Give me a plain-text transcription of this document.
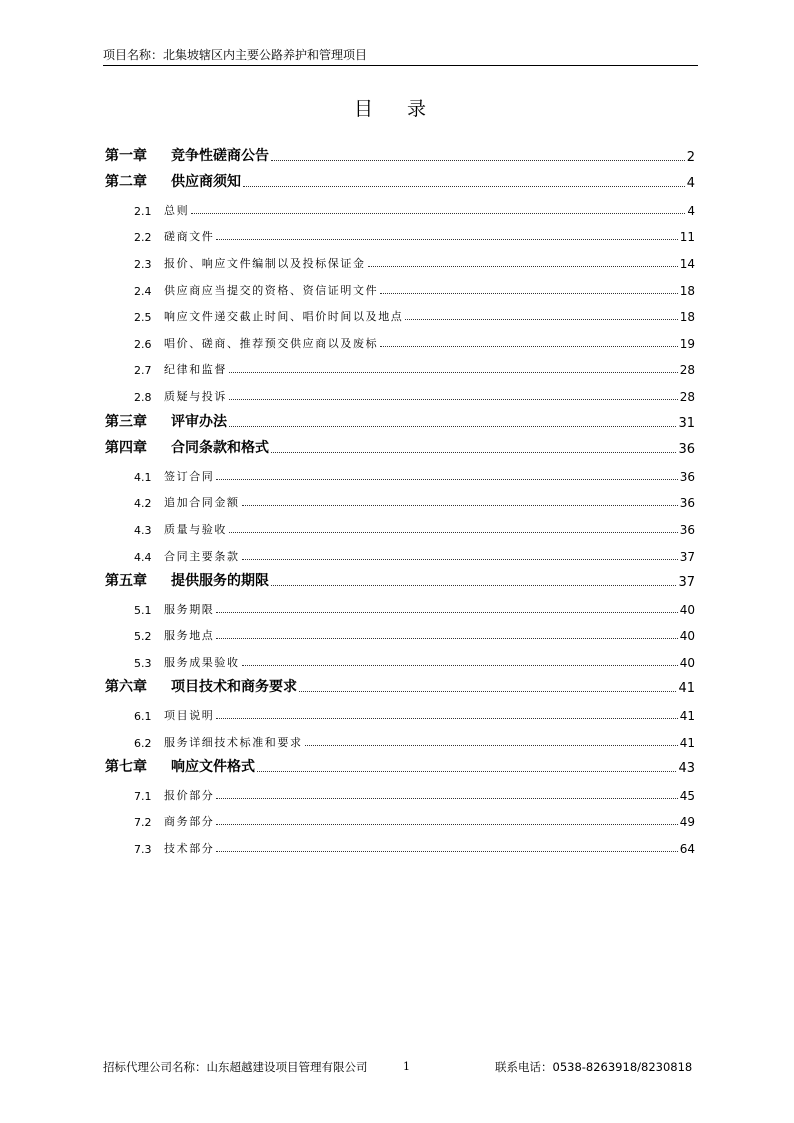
项目名称：北集坡辖区内主要公路养护和管理项目
目 录
第一章	竞争性磋商公告	2
第二章	供应商须知	4
2.1	总则	4
2.2	磋商文件	11
2.3	报价、响应文件编制以及投标保证金	14
2.4	供应商应当提交的资格、资信证明文件	18
2.5	响应文件递交截止时间、唱价时间以及地点	18
2.6	唱价、磋商、推荐预交供应商以及废标	19
2.7	纪律和监督	28
2.8	质疑与投诉	28
第三章	评审办法	31
第四章	合同条款和格式	36
4.1	签订合同	36
4.2	追加合同金额	36
4.3	质量与验收	36
4.4	合同主要条款	37
第五章	提供服务的期限	37
5.1	服务期限	40
5.2	服务地点	40
5.3	服务成果验收	40
第六章	项目技术和商务要求	41
6.1	项目说明	41
6.2	服务详细技术标准和要求	41
第七章	响应文件格式	43
7.1	报价部分	45
7.2	商务部分	49
7.3	技术部分	64
招标代理公司名称：山东超越建设项目管理有限公司	1	联系电话：0538-8263918/8230818
